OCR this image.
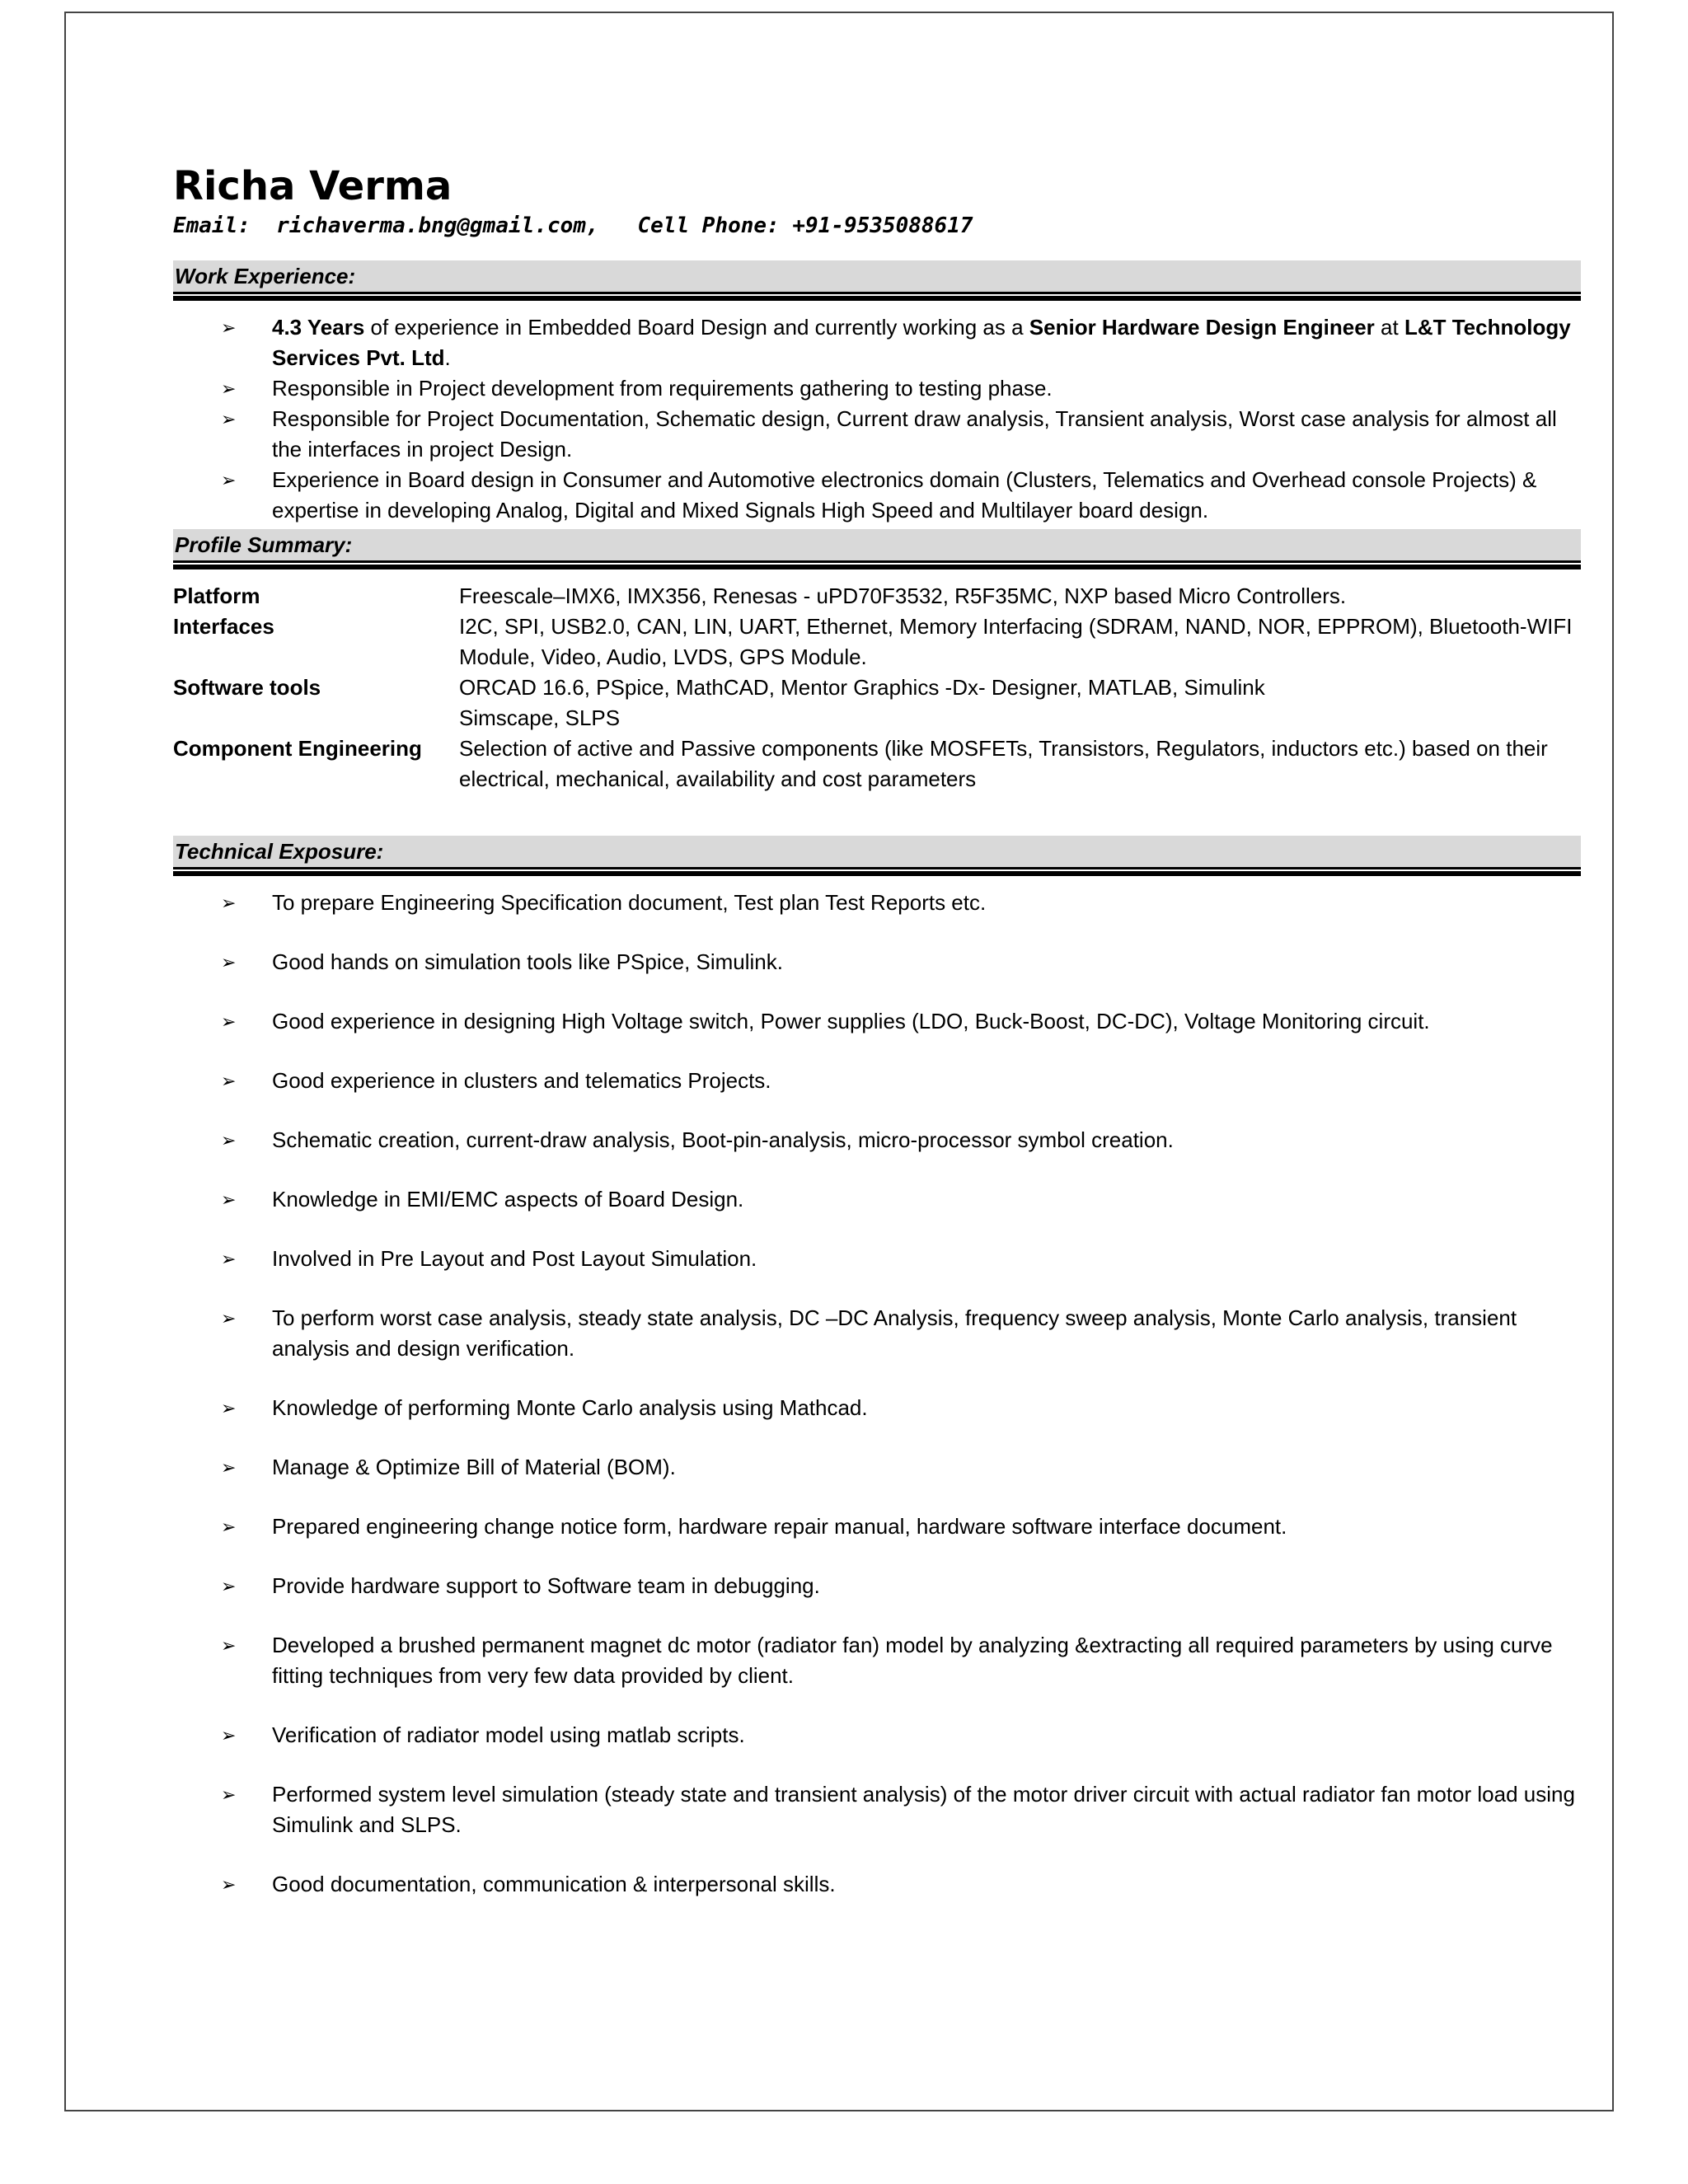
Richa Verma

Email:  richaverma.bng@gmail.com,   Cell Phone: +91-9535088617

Work Experience:
➢ 4.3 Years of experience in Embedded Board Design and currently working as a Senior Hardware Design Engineer at L&T Technology Services Pvt. Ltd.
➢ Responsible in Project development from requirements gathering to testing phase.
➢ Responsible for Project Documentation, Schematic design, Current draw analysis, Transient analysis, Worst case analysis for almost all the interfaces in project Design.
➢ Experience in Board design in Consumer and Automotive electronics domain (Clusters, Telematics and Overhead console Projects) & expertise in developing Analog, Digital and Mixed Signals High Speed and Multilayer board design.
Profile Summary:
Platform	Freescale–IMX6, IMX356, Renesas - uPD70F3532, R5F35MC, NXP based Micro Controllers.
Interfaces	I2C, SPI, USB2.0, CAN, LIN, UART, Ethernet, Memory Interfacing (SDRAM, NAND, NOR, EPPROM), Bluetooth-WIFI Module, Video, Audio, LVDS, GPS Module.
Software tools	ORCAD 16.6, PSpice, MathCAD, Mentor Graphics -Dx- Designer, MATLAB, Simulink
Simscape, SLPS
Component Engineering	Selection of active and Passive components (like MOSFETs, Transistors, Regulators, inductors etc.) based on their electrical, mechanical, availability and cost parameters
Technical Exposure:
➢ To prepare Engineering Specification document, Test plan Test Reports etc.
➢ Good hands on simulation tools like PSpice, Simulink.
➢ Good experience in designing High Voltage switch, Power supplies (LDO, Buck-Boost, DC-DC), Voltage Monitoring circuit.
➢ Good experience in clusters and telematics Projects.
➢ Schematic creation, current-draw analysis, Boot-pin-analysis, micro-processor symbol creation.
➢ Knowledge in EMI/EMC aspects of Board Design.
➢ Involved in Pre Layout and Post Layout Simulation.
➢ To perform worst case analysis, steady state analysis, DC –DC Analysis, frequency sweep analysis, Monte Carlo analysis, transient analysis and design verification.
➢ Knowledge of performing Monte Carlo analysis using Mathcad.
➢ Manage & Optimize Bill of Material (BOM).
➢ Prepared engineering change notice form, hardware repair manual, hardware software interface document.
➢ Provide hardware support to Software team in debugging.
➢ Developed a brushed permanent magnet dc motor (radiator fan) model by analyzing &extracting all required parameters by using curve fitting techniques from very few data provided by client.
➢ Verification of radiator model using matlab scripts.
➢ Performed system level simulation (steady state and transient analysis) of the motor driver circuit with actual radiator fan motor load using Simulink and SLPS.
➢ Good documentation, communication & interpersonal skills.
